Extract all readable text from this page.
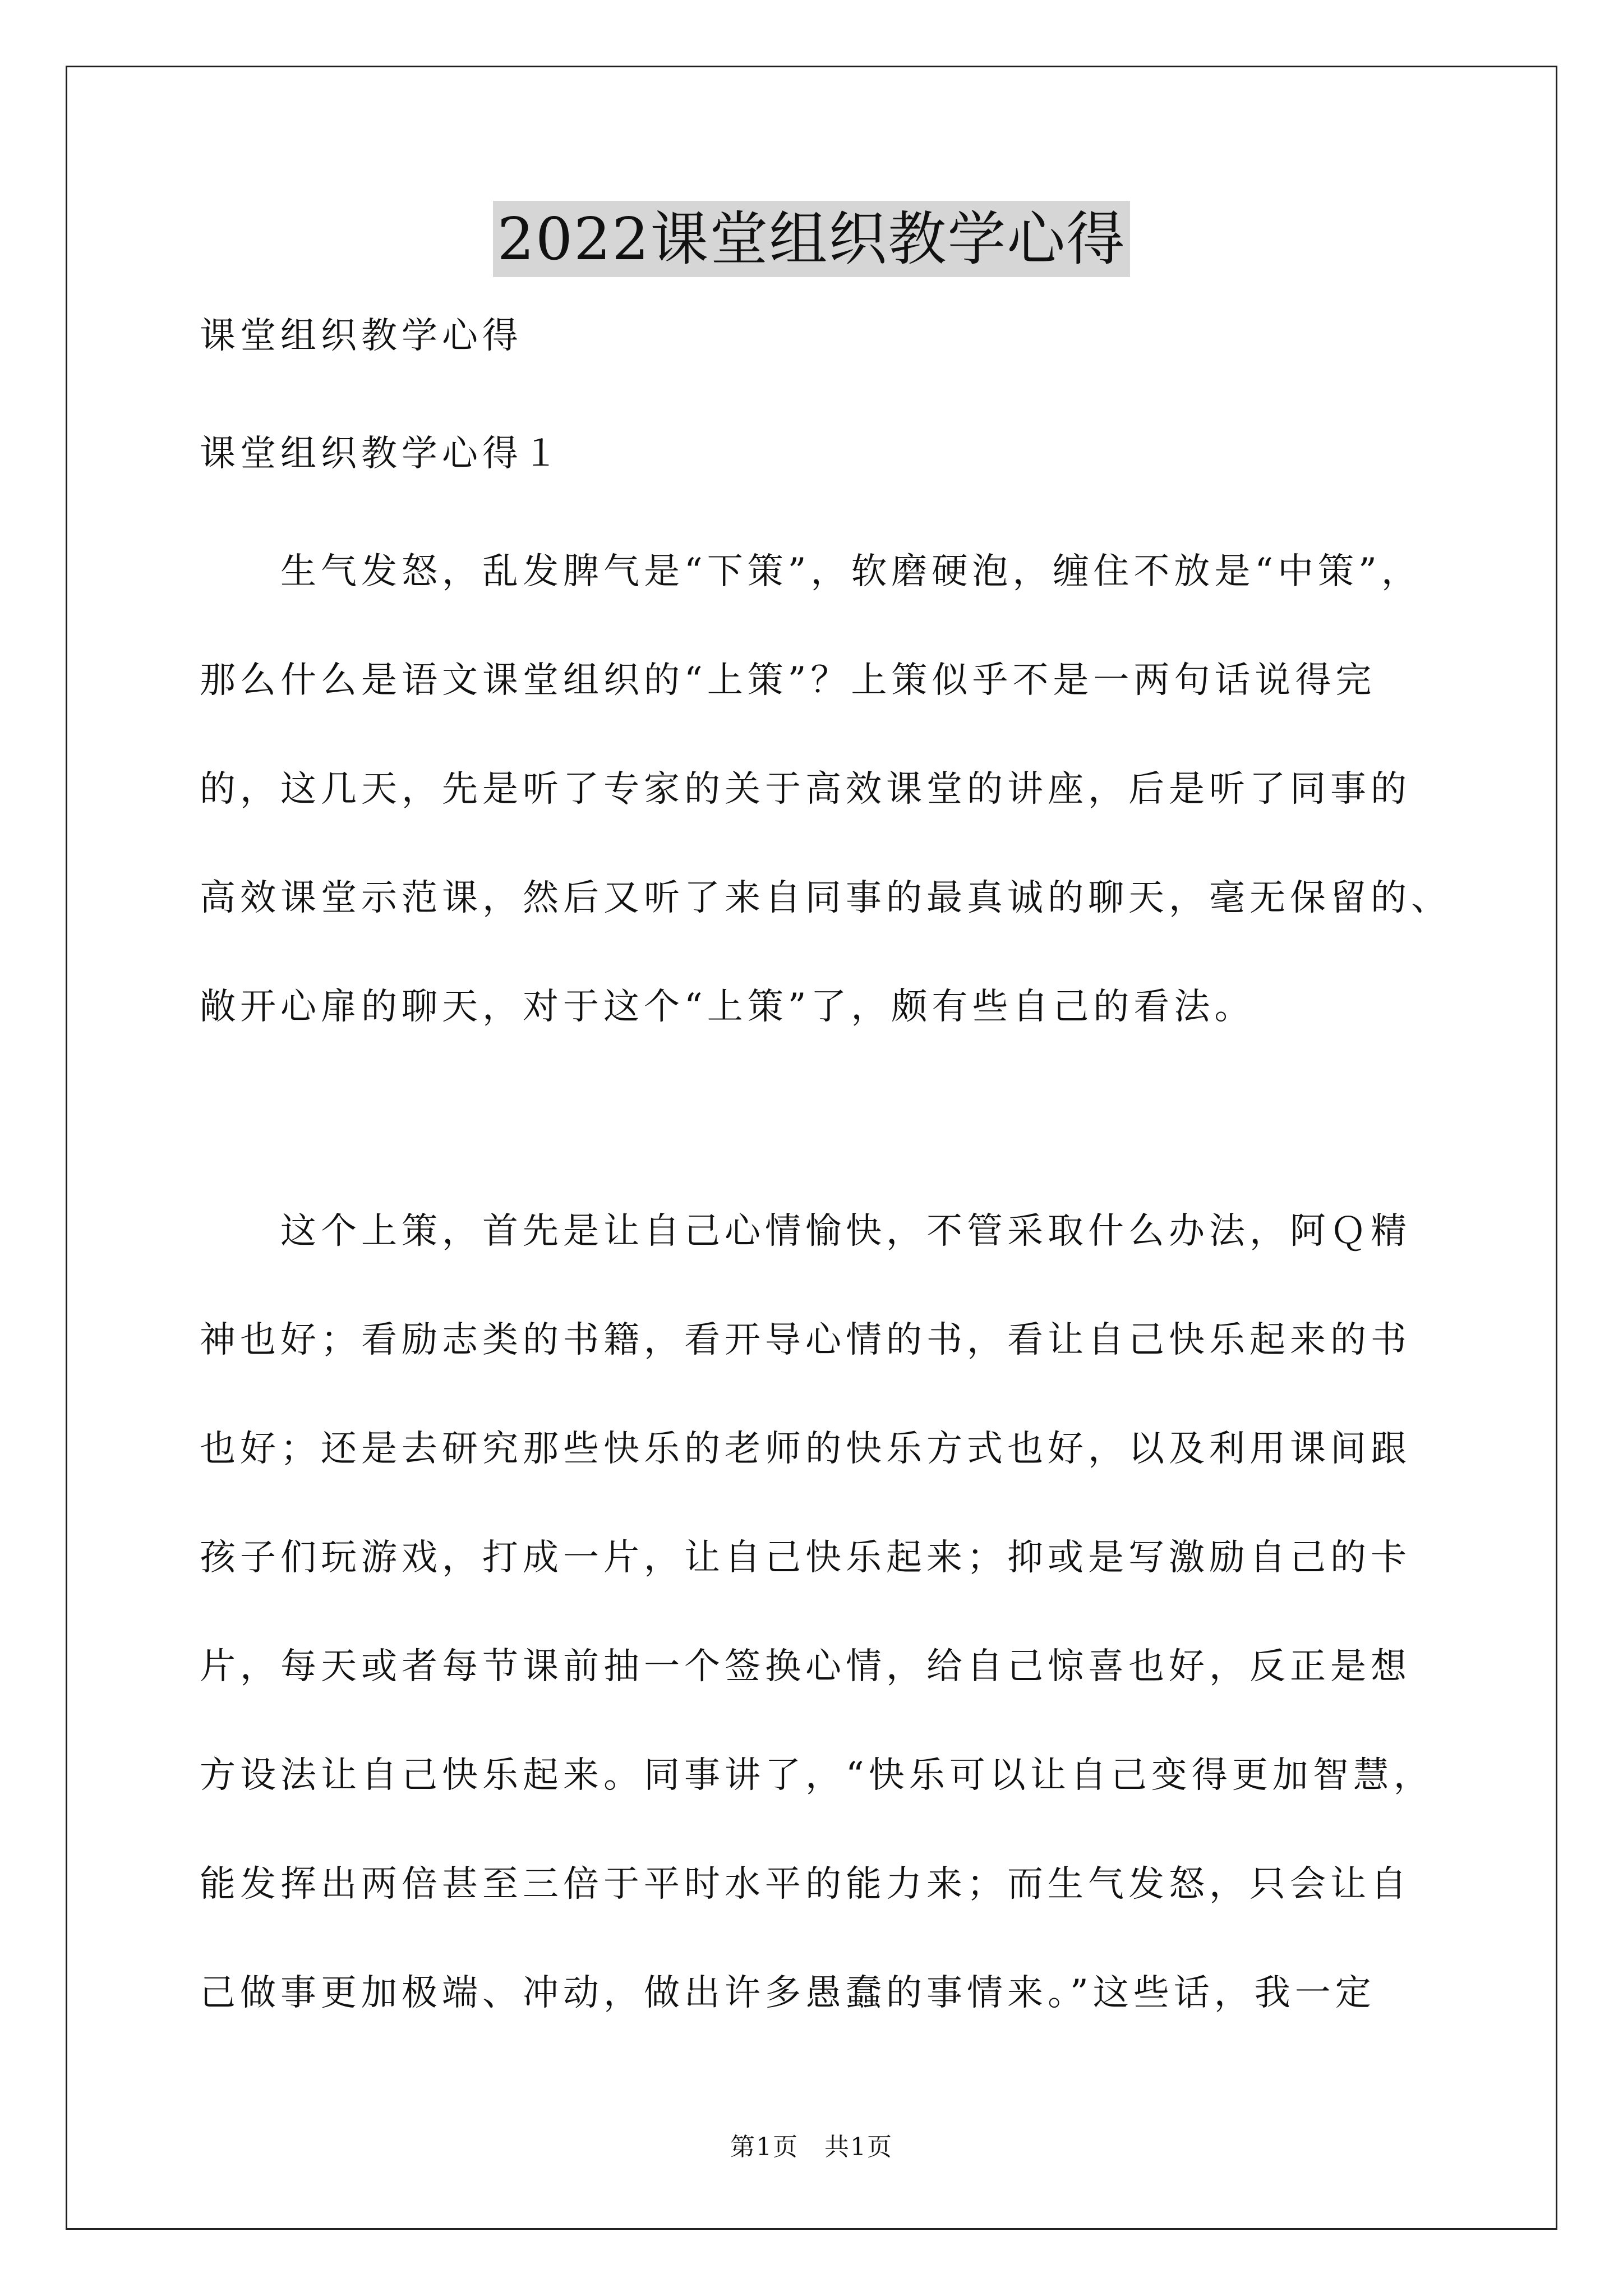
2022课堂组织教学心得
课堂组织教学心得
课堂组织教学心得１
　　生气发怒，乱发脾气是“下策”，软磨硬泡，缠住不放是“中策”，
那么什么是语文课堂组织的“上策”？上策似乎不是一两句话说得完
的，这几天，先是听了专家的关于高效课堂的讲座，后是听了同事的
高效课堂示范课，然后又听了来自同事的最真诚的聊天，毫无保留的、
敞开心扉的聊天，对于这个“上策”了，颇有些自己的看法。
　　这个上策，首先是让自己心情愉快，不管采取什么办法，阿Ｑ精
神也好；看励志类的书籍，看开导心情的书，看让自己快乐起来的书
也好；还是去研究那些快乐的老师的快乐方式也好，以及利用课间跟
孩子们玩游戏，打成一片，让自己快乐起来；抑或是写激励自己的卡
片，每天或者每节课前抽一个签换心情，给自己惊喜也好，反正是想
方设法让自己快乐起来。同事讲了，“快乐可以让自己变得更加智慧，
能发挥出两倍甚至三倍于平时水平的能力来；而生气发怒，只会让自
己做事更加极端、冲动，做出许多愚蠢的事情来。”这些话，我一定
第1页　共1页
